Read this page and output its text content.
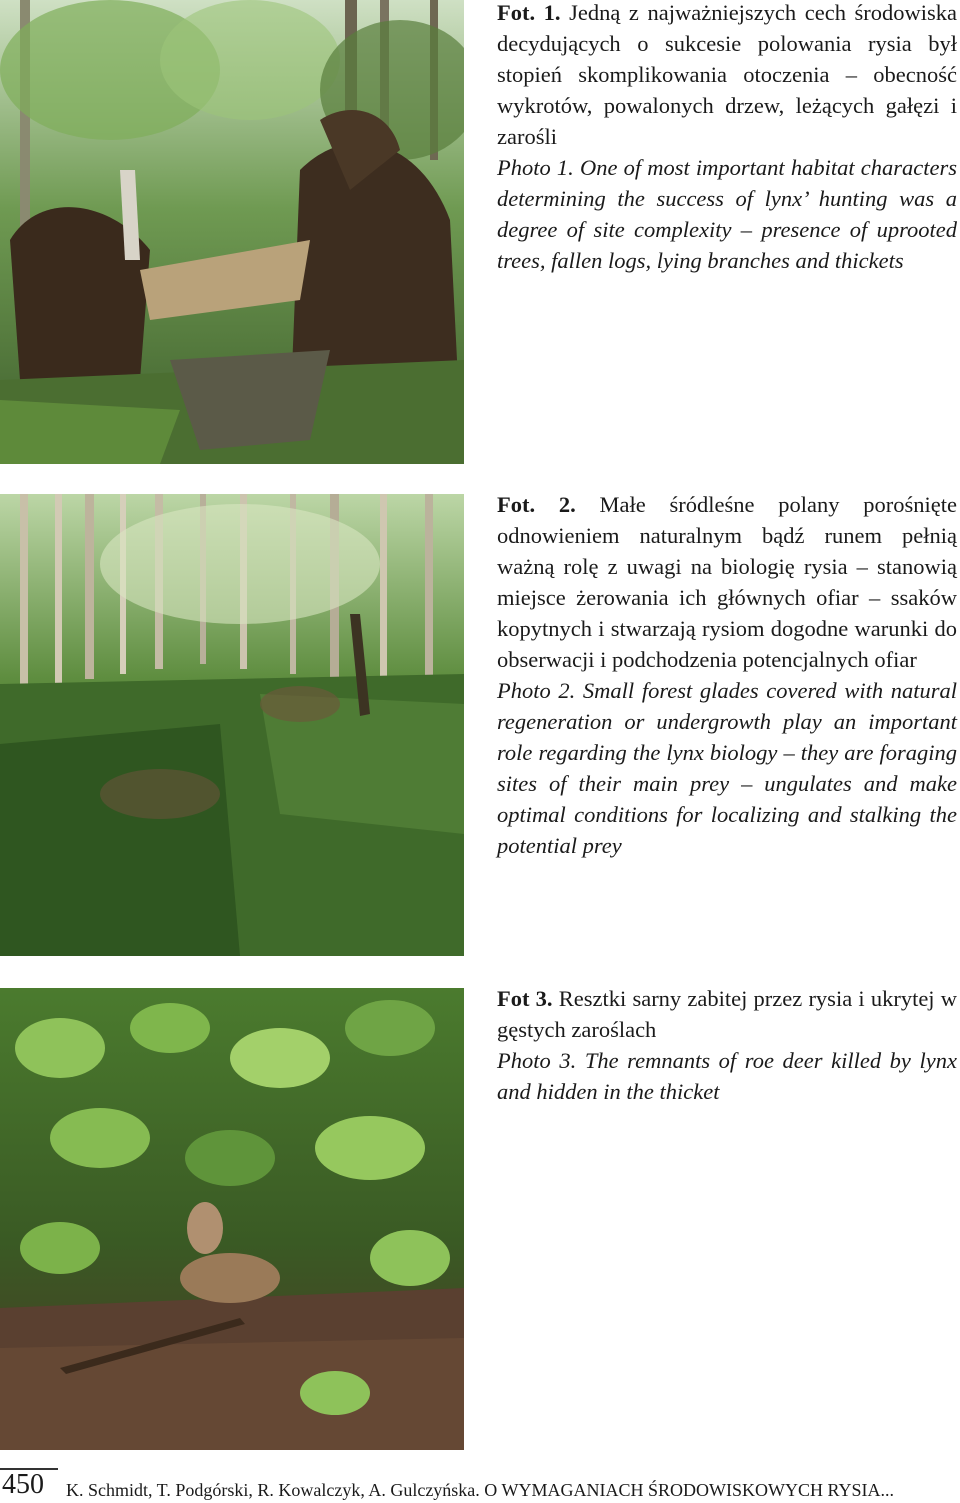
Fot. 1. Jedną z najważniejszych cech środowiska decydujących o sukcesie polowania rysia był stopień skomplikowania otoczenia – obecność wykrotów, powalonych drzew, leżących gałęzi i zarośli
Photo 1. One of most important habitat characters determining the success of lynx’ hunting was a degree of site complexity – presence of uprooted trees, fallen logs, lying branches and thickets
Fot. 2. Małe śródleśne polany porośnięte odnowieniem naturalnym bądź runem pełnią ważną rolę z uwagi na biologię rysia – stanowią miejsce żerowania ich głównych ofiar – ssaków kopytnych i stwarzają rysiom dogodne warunki do obserwacji i podchodzenia potencjalnych ofiar
Photo 2. Small forest glades covered with natural regeneration or undergrowth play an important role regarding the lynx biology – they are foraging sites of their main prey – ungulates and make optimal conditions for localizing and stalking the potential prey
Fot 3. Resztki sarny zabitej przez rysia i ukrytej w gęstych zaroślach
Photo 3. The remnants of roe deer killed by lynx and hidden in the thicket
450 K. Schmidt, T. Podgórski, R. Kowalczyk, A. Gulczyńska. O WYMAGANIACH ŚRODOWISKOWYCH RYSIA...
